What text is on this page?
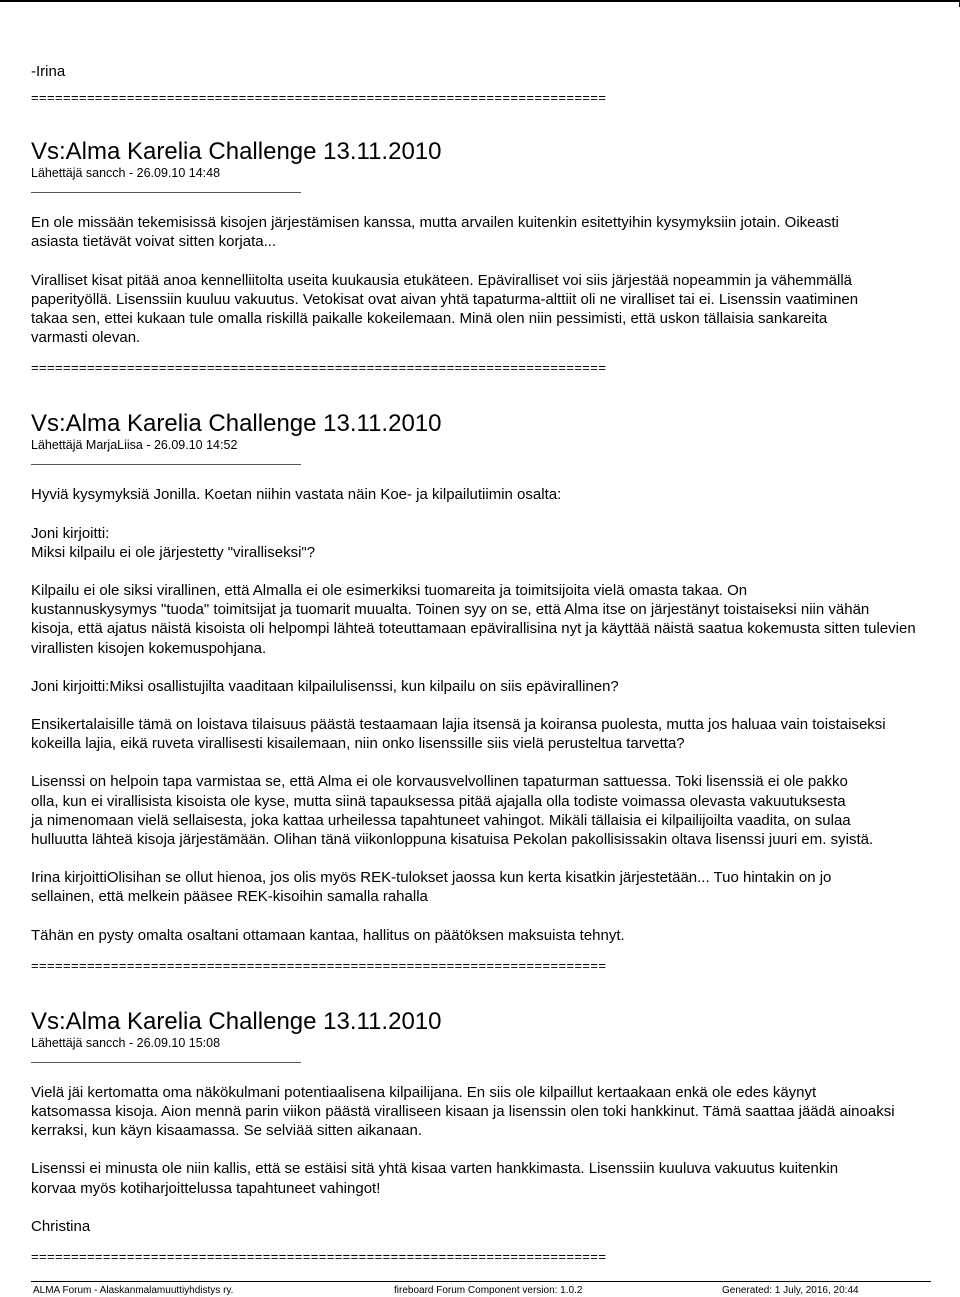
-Irina
========================================================================
Vs:Alma Karelia Challenge 13.11.2010
Lähettäjä sancch - 26.09.10 14:48
En ole missään tekemisissä kisojen järjestämisen kanssa, mutta arvailen kuitenkin esitettyihin kysymyksiin jotain. Oikeasti
asiasta tietävät voivat sitten korjata...
Viralliset kisat pitää anoa kennelliitolta useita kuukausia etukäteen. Epäviralliset voi siis järjestää nopeammin ja vähemmällä
paperityöllä. Lisenssiin kuuluu vakuutus. Vetokisat ovat aivan yhtä tapaturma-alttiit oli ne viralliset tai ei. Lisenssin vaatiminen
takaa sen, ettei kukaan tule omalla riskillä paikalle kokeilemaan. Minä olen niin pessimisti, että uskon tällaisia sankareita
varmasti olevan.
========================================================================
Vs:Alma Karelia Challenge 13.11.2010
Lähettäjä MarjaLiisa - 26.09.10 14:52
Hyviä kysymyksiä Jonilla. Koetan niihin vastata näin Koe- ja kilpailutiimin osalta:
Joni kirjoitti:
Miksi kilpailu ei ole järjestetty "viralliseksi"?
Kilpailu ei ole siksi virallinen, että Almalla ei ole esimerkiksi tuomareita ja toimitsijoita vielä omasta takaa. On
kustannuskysymys "tuoda" toimitsijat ja tuomarit muualta. Toinen syy on se, että Alma itse on järjestänyt toistaiseksi niin vähän
kisoja, että ajatus näistä kisoista oli helpompi lähteä toteuttamaan epävirallisina nyt ja käyttää näistä saatua kokemusta sitten tulevien
virallisten kisojen kokemuspohjana.
Joni kirjoitti:Miksi osallistujilta vaaditaan kilpailulisenssi, kun kilpailu on siis epävirallinen?
Ensikertalaisille tämä on loistava tilaisuus päästä testaamaan lajia itsensä ja koiransa puolesta, mutta jos haluaa vain toistaiseksi
kokeilla lajia, eikä ruveta virallisesti kisailemaan, niin onko lisenssille siis vielä perusteltua tarvetta?
Lisenssi on helpoin tapa varmistaa se, että Alma ei ole korvausvelvollinen tapaturman sattuessa. Toki lisenssiä ei ole pakko
olla, kun ei virallisista kisoista ole kyse, mutta siinä tapauksessa pitää ajajalla olla todiste voimassa olevasta vakuutuksesta
ja nimenomaan vielä sellaisesta, joka kattaa urheilessa tapahtuneet vahingot. Mikäli tällaisia ei kilpailijoilta vaadita, on sulaa
hulluutta lähteä kisoja järjestämään. Olihan tänä viikonloppuna kisatuisa Pekolan pakollisissakin oltava lisenssi juuri em. syistä.
Irina kirjoittiOlisihan se ollut hienoa, jos olis myös REK-tulokset jaossa kun kerta kisatkin järjestetään... Tuo hintakin on jo
sellainen, että melkein pääsee REK-kisoihin samalla rahalla
Tähän en pysty omalta osaltani ottamaan kantaa, hallitus on päätöksen maksuista tehnyt.
========================================================================
Vs:Alma Karelia Challenge 13.11.2010
Lähettäjä sancch - 26.09.10 15:08
Vielä jäi kertomatta oma näkökulmani potentiaalisena kilpailijana. En siis ole kilpaillut kertaakaan enkä ole edes käynyt
katsomassa kisoja. Aion mennä parin viikon päästä viralliseen kisaan ja lisenssin olen toki hankkinut. Tämä saattaa jäädä ainoaksi
kerraksi, kun käyn kisaamassa. Se selviää sitten aikanaan.
Lisenssi ei minusta ole niin kallis, että se estäisi sitä yhtä kisaa varten hankkimasta. Lisenssiin kuuluva vakuutus kuitenkin
korvaa myös kotiharjoittelussa tapahtuneet vahingot!
Christina
========================================================================
ALMA Forum - Alaskanmalamuuttiyhdistys ry.	fireboard Forum Component version: 1.0.2	Generated: 1 July, 2016, 20:44
